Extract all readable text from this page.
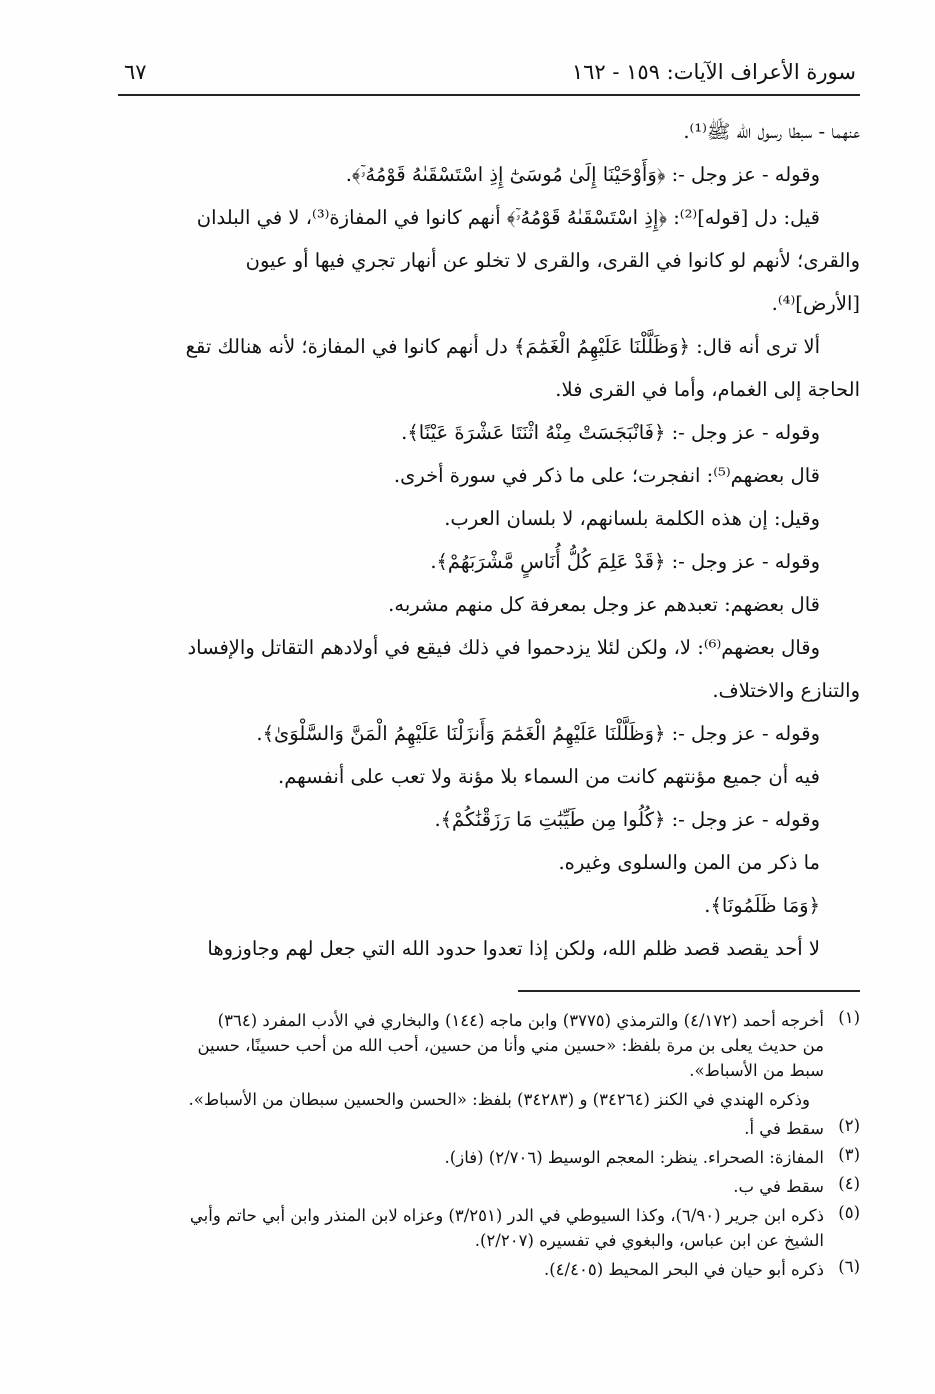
سورة الأعراف الآيات: ١٥٩ - ١٦٢
٦٧
عنهما - سبطا رسول الله ﷺ⁽¹⁾.
وقوله - عز وجل -: ﴿وَأَوْحَيْنَا إِلَىٰ مُوسَىٰٓ إِذِ اسْتَسْقَىٰهُ قَوْمُهُۥٓ﴾.
قيل: دل [قوله]⁽²⁾: ﴿إِذِ اسْتَسْقَىٰهُ قَوْمُهُۥٓ﴾ أنهم كانوا في المفازة⁽³⁾، لا في البلدان
والقرى؛ لأنهم لو كانوا في القرى، والقرى لا تخلو عن أنهار تجري فيها أو عيون
[الأرض]⁽⁴⁾.
ألا ترى أنه قال: ﴿وَظَلَّلْنَا عَلَيْهِمُ الْغَمَٰمَ﴾ دل أنهم كانوا في المفازة؛ لأنه هنالك تقع
الحاجة إلى الغمام، وأما في القرى فلا.
وقوله - عز وجل -: ﴿فَانْبَجَسَتْ مِنْهُ اثْنَتَا عَشْرَةَ عَيْنًا﴾.
قال بعضهم⁽⁵⁾: انفجرت؛ على ما ذكر في سورة أخرى.
وقيل: إن هذه الكلمة بلسانهم، لا بلسان العرب.
وقوله - عز وجل -: ﴿قَدْ عَلِمَ كُلُّ أُنَاسٍ مَّشْرَبَهُمْ﴾.
قال بعضهم: تعبدهم عز وجل بمعرفة كل منهم مشربه.
وقال بعضهم⁽⁶⁾: لا، ولكن لئلا يزدحموا في ذلك فيقع في أولادهم التقاتل والإفساد
والتنازع والاختلاف.
وقوله - عز وجل -: ﴿وَظَلَّلْنَا عَلَيْهِمُ الْغَمَٰمَ وَأَنزَلْنَا عَلَيْهِمُ الْمَنَّ وَالسَّلْوَىٰ﴾.
فيه أن جميع مؤنتهم كانت من السماء بلا مؤنة ولا تعب على أنفسهم.
وقوله - عز وجل -: ﴿كُلُوا مِن طَيِّبَٰتِ مَا رَزَقْنَٰكُمْ﴾.
ما ذكر من المن والسلوى وغيره.
﴿وَمَا ظَلَمُونَا﴾.
لا أحد يقصد قصد ظلم الله، ولكن إذا تعدوا حدود الله التي جعل لهم وجاوزوها
(١)
أخرجه أحمد (٤/١٧٢) والترمذي (٣٧٧٥) وابن ماجه (١٤٤) والبخاري في الأدب المفرد (٣٦٤)
من حديث يعلى بن مرة بلفظ: «حسين مني وأنا من حسين، أحب الله من أحب حسينًا، حسين
سبط من الأسباط».
وذكره الهندي في الكنز (٣٤٢٦٤) و (٣٤٢٨٣) بلفظ: «الحسن والحسين سبطان من الأسباط».
(٢)
سقط في أ.
(٣)
المفازة: الصحراء. ينظر: المعجم الوسيط (٢/٧٠٦) (فاز).
(٤)
سقط في ب.
(٥)
ذكره ابن جرير (٦/٩٠)، وكذا السيوطي في الدر (٣/٢٥١) وعزاه لابن المنذر وابن أبي حاتم وأبي
الشيخ عن ابن عباس، والبغوي في تفسيره (٢/٢٠٧).
(٦)
ذكره أبو حيان في البحر المحيط (٤/٤٠٥).
